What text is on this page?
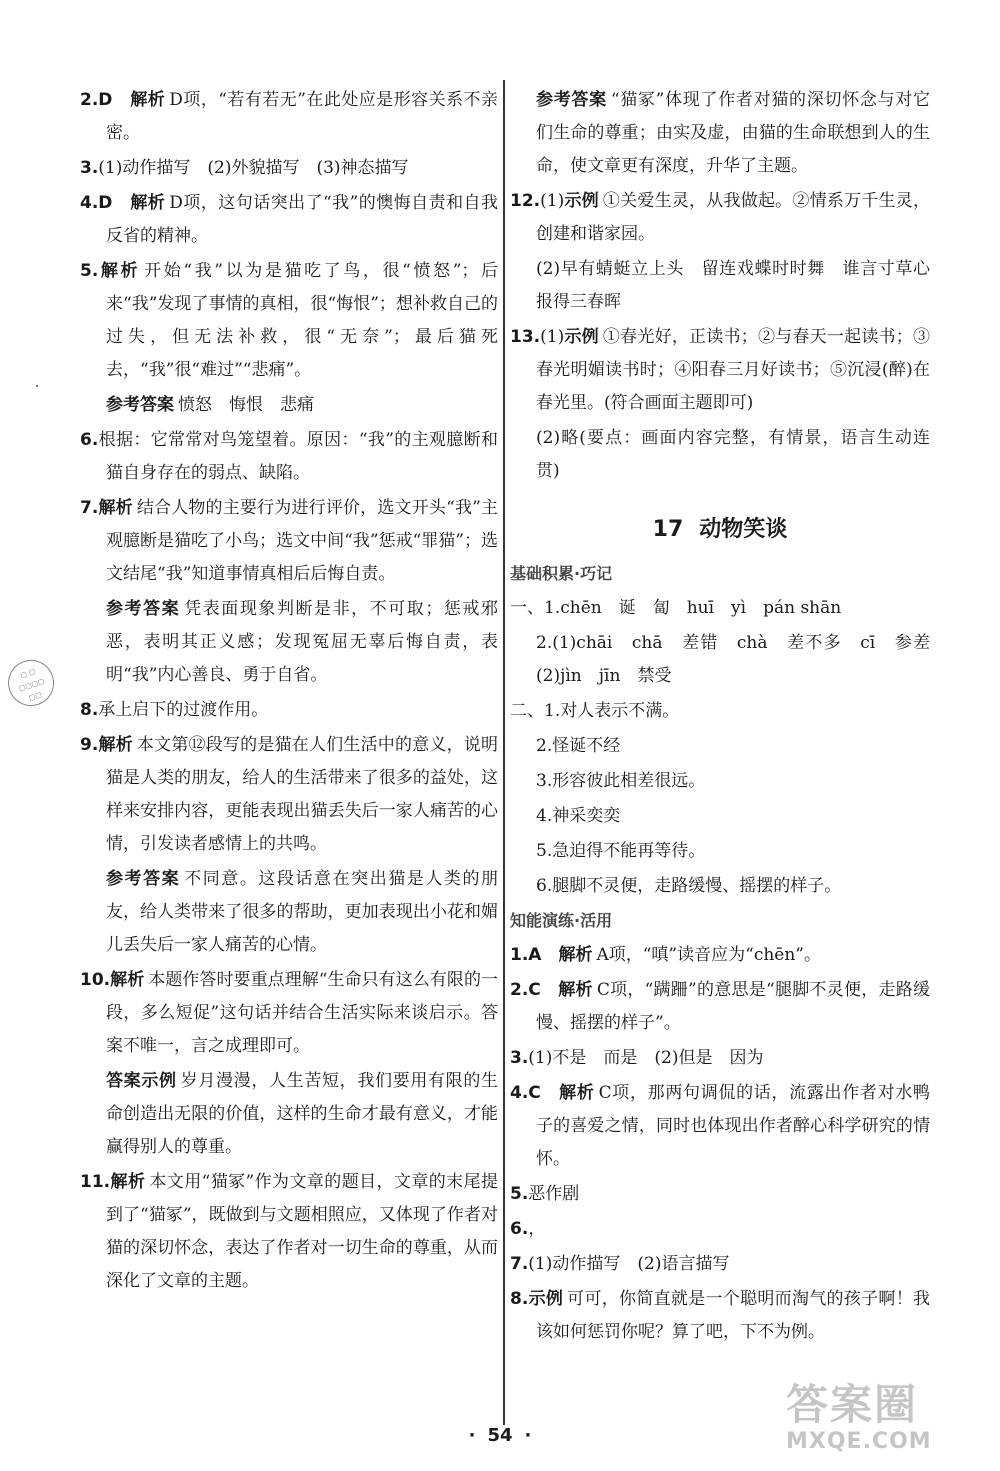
▢ ▢
▢▢▢▢
▢▢

2.D　 解析 D项，“若有若无”在此处应是形容关系不亲密。

3.(1)动作描写　(2)外貌描写　(3)神态描写

4.D　 解析 D项，这句话突出了“我”的懊悔自责和自我反省的精神。

5.解析 开始“我”以为是猫吃了鸟，很“愤怒”；后来“我”发现了事情的真相，很“悔恨”；想补救自己的过失，但无法补救，很“无奈”；最后猫死去，“我”很“难过”“悲痛”。

参考答案 愤怒　悔恨　悲痛

6.根据：它常常对鸟笼望着。原因：“我”的主观臆断和猫自身存在的弱点、缺陷。

7.解析 结合人物的主要行为进行评价，选文开头“我”主观臆断是猫吃了小鸟；选文中间“我”惩戒“罪猫”；选文结尾“我”知道事情真相后后悔自责。

参考答案 凭表面现象判断是非，不可取；惩戒邪恶，表明其正义感；发现冤屈无辜后悔自责，表明“我”内心善良、勇于自省。

8.承上启下的过渡作用。

9.解析 本文第⑫段写的是猫在人们生活中的意义，说明猫是人类的朋友，给人的生活带来了很多的益处，这样来安排内容，更能表现出猫丢失后一家人痛苦的心情，引发读者感情上的共鸣。

参考答案 不同意。这段话意在突出猫是人类的朋友，给人类带来了很多的帮助，更加表现出小花和媚儿丢失后一家人痛苦的心情。

10.解析 本题作答时要重点理解“生命只有这么有限的一段，多么短促”这句话并结合生活实际来谈启示。答案不唯一，言之成理即可。

答案示例 岁月漫漫，人生苦短，我们要用有限的生命创造出无限的价值，这样的生命才最有意义，才能赢得别人的尊重。

11.解析 本文用“猫冢”作为文章的题目，文章的末尾提到了“猫冢”，既做到与文题相照应，又体现了作者对猫的深切怀念，表达了作者对一切生命的尊重，从而深化了文章的主题。

参考答案 “猫冢”体现了作者对猫的深切怀念与对它们生命的尊重；由实及虚，由猫的生命联想到人的生命，使文章更有深度，升华了主题。

12.(1)示例 ①关爱生灵，从我做起。②情系万千生灵，创建和谐家园。

(2)早有蜻蜓立上头　留连戏蝶时时舞　谁言寸草心　报得三春晖

13.(1)示例 ①春光好，正读书；②与春天一起读书；③春光明媚读书时；④阳春三月好读书；⑤沉浸(醉)在春光里。(符合画面主题即可)

(2)略(要点：画面内容完整，有情景，语言生动连贯)

17 动物笑谈
基础积累·巧记

一、1.chēn　诞　匐　huī　yì　pán shān

2.(1)chāi　chā　差错　chà　差不多　cī　参差　(2)jìn　jīn　禁受

二、1.对人表示不满。

2.怪诞不经

3.形容彼此相差很远。

4.神采奕奕

5.急迫得不能再等待。

6.腿脚不灵便，走路缓慢、摇摆的样子。

知能演练·活用

1.A　 解析 A项，“嗔”读音应为“chēn”。

2.C　 解析 C项，“蹒跚”的意思是“腿脚不灵便，走路缓慢、摇摆的样子”。

3.(1)不是　而是　(2)但是　因为

4.C　 解析 C项，那两句调侃的话，流露出作者对水鸭子的喜爱之情，同时也体现出作者醉心科学研究的情怀。

5.恶作剧

6.，

7.(1)动作描写　(2)语言描写

8.示例 可可，你简直就是一个聪明而淘气的孩子啊！我该如何惩罚你呢？算了吧，下不为例。

· 54 ·
答案圈
MXQE.COM
